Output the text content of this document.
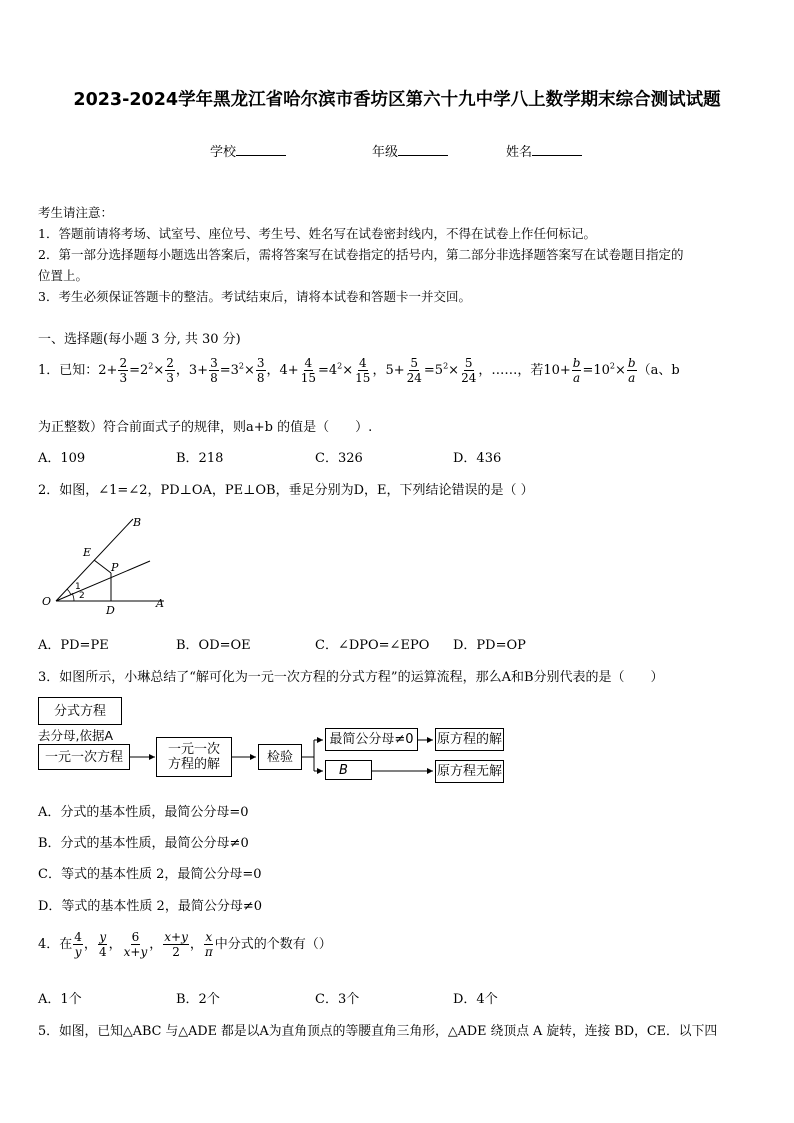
2023-2024学年黑龙江省哈尔滨市香坊区第六十九中学八上数学期末综合测试试题
学校	年级	姓名
考生请注意：
1．答题前请将考场、试室号、座位号、考生号、姓名写在试卷密封线内，不得在试卷上作任何标记。
2．第一部分选择题每小题选出答案后，需将答案写在试卷指定的括号内，第二部分非选择题答案写在试卷题目指定的
位置上。
3．考生必须保证答题卡的整洁。考试结束后，请将本试卷和答题卡一并交回。
一、选择题(每小题 3 分, 共 30 分)
1．已知：$2+ \frac{2}{3} =2^2\times \frac{2}{3}$ ，$3+ \frac{3}{8} =3^2\times \frac{3}{8}$ ，$4+ \frac{4}{15} =4^2\times \frac{4}{15}$ ，$5+ \frac{5}{24} =5^2\times \frac{5}{24}$ ，……，若$10+ \frac{b}{a} =10^2\times \frac{b}{a} (a$、b
为正整数）符合前面式子的规律，则a+b 的值是（　　）.
A．109	B．218	C．326	D．436
2．如图，∠1=∠2，PD⊥OA，PE⊥OB，垂足分别为D，E，下列结论错误的是（ ）
B
E
P
O
D
A
1
2
A．PD=PE	B．OD=OE	C．∠DPO=∠EPO D．PD=OP
3．如图所示，小琳总结了“解可化为一元一次方程的分式方程”的运算流程，那么A和B分别代表的是（　　）
分式方程
去分母,依据A
一元一次方程	一元一次
方程的解	检验
最简公分母≠0
B
原方程的解
原方程无解
A．分式的基本性质，最简公分母=0
B．分式的基本性质，最简公分母≠0
C．等式的基本性质 2，最简公分母=0
D．等式的基本性质 2，最简公分母≠0
4．在 $\frac{4}{y}$ ， $\frac{y}{4}$ ， $\frac{6}{x+y}$ ， $\frac{x+y}{2}$ ， $\frac{x}{\pi}$ 中分式的个数有（）
A．1个	B．2个	C．3个	D．4个
5．如图，已知△ABC 与△ADE 都是以A为直角顶点的等腰直角三角形，△ADE 绕顶点 A 旋转，连接 BD，CE．以下四
